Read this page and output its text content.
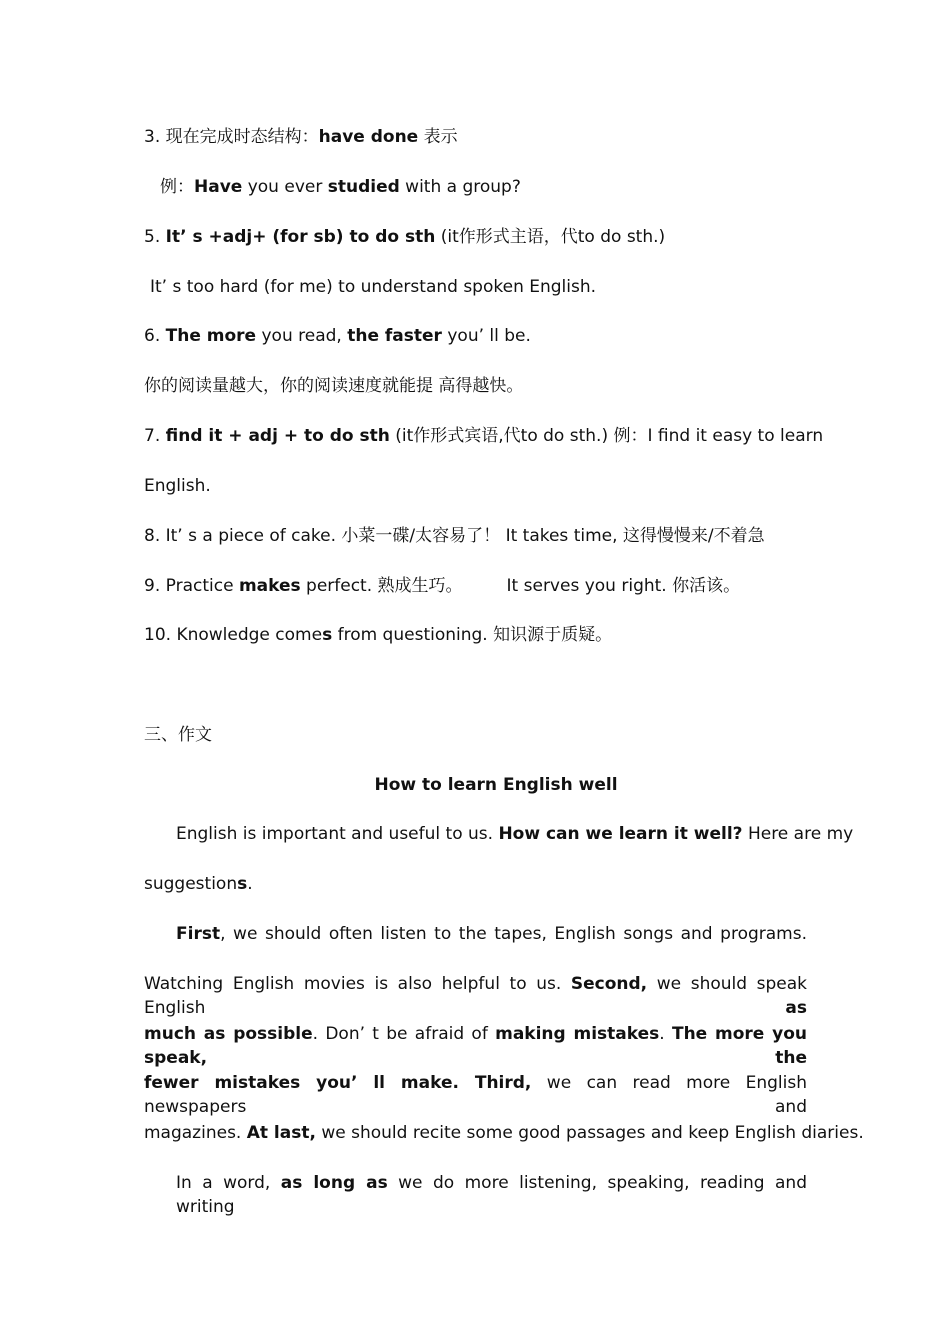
3. 现在完成时态结构：have done 表示
例：Have you ever studied with a group?
5. It’ s +adj+ (for sb) to do sth (it作形式主语，代to do sth.)
It’ s too hard (for me) to understand spoken English.
6. The more you read, the faster you’ ll be.
你的阅读量越大，你的阅读速度就能提 高得越快。
7. find it + adj + to do sth (it作形式宾语,代to do sth.) 例：I find it easy to learn
English.
8. It’ s a piece of cake. 小菜一碟/太容易了！ It takes time, 这得慢慢来/不着急
9. Practice makes perfect. 熟成生巧。	It serves you right. 你活该。
10. Knowledge comes from questioning. 知识源于质疑。
三、作文
How to learn English well
English is important and useful to us. How can we learn it well? Here are my
suggestions.
First, we should often listen to the tapes, English songs and programs.
Watching English movies is also helpful to us. Second, we should speak English as
much as possible. Don’ t be afraid of making mistakes. The more you speak, the
fewer mistakes you’ ll make. Third, we can read more English newspapers and
magazines. At last, we should recite some good passages and keep English diaries.
In a word, as long as we do more listening, speaking, reading and writing
